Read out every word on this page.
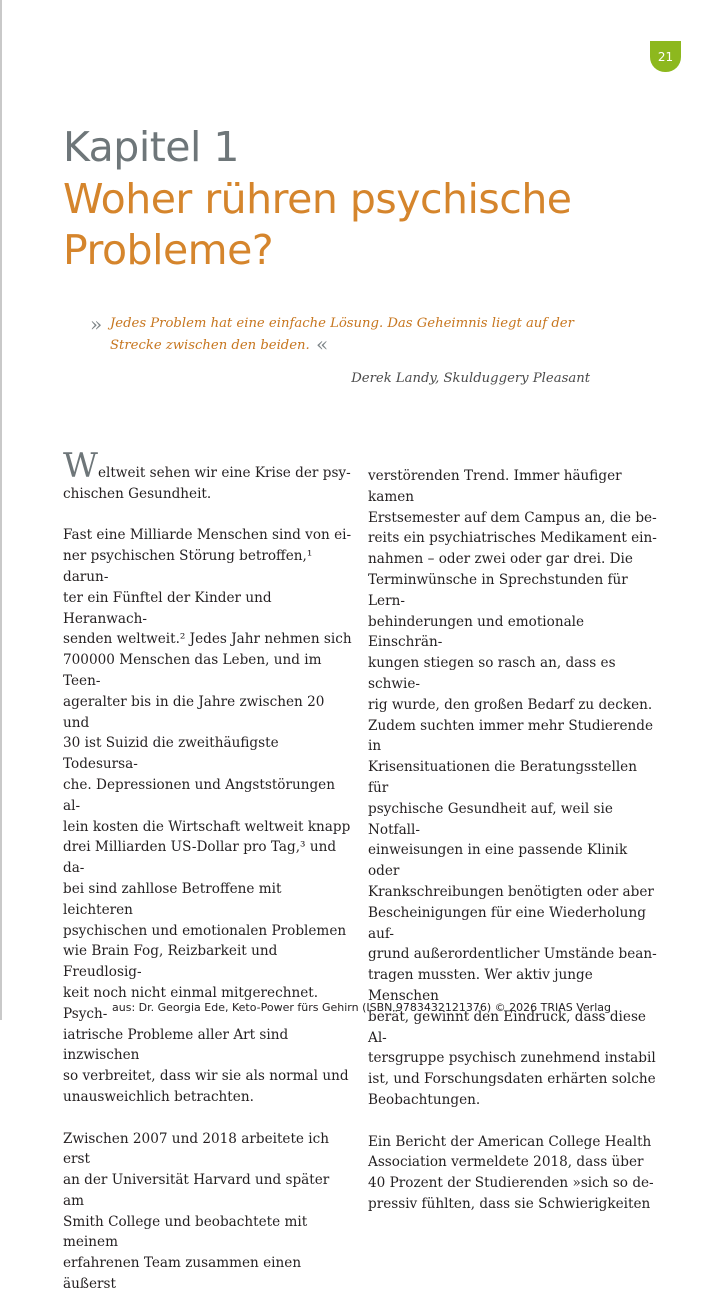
21
Kapitel 1
Woher rühren psychische
Probleme?
» Jedes Problem hat eine einfache Lösung. Das Geheimnis liegt auf der Strecke zwischen den beiden. «
Derek Landy, Skulduggery Pleasant

Weltweit sehen wir eine Krise der psy-
chischen Gesundheit.

Fast eine Milliarde Menschen sind von ei-
ner psychischen Störung betroffen,¹ darun-
ter ein Fünftel der Kinder und Heranwach-
senden weltweit.² Jedes Jahr nehmen sich
700000 Menschen das Leben, und im Teen-
ageralter bis in die Jahre zwischen 20 und
30 ist Suizid die zweithäufigste Todesursa-
che. Depressionen und Angststörungen al-
lein kosten die Wirtschaft weltweit knapp
drei Milliarden US-Dollar pro Tag,³ und da-
bei sind zahllose Betroffene mit leichteren
psychischen und emotionalen Problemen
wie Brain Fog, Reizbarkeit und Freudlosig-
keit noch nicht einmal mitgerechnet. Psych-
iatrische Probleme aller Art sind inzwischen
so verbreitet, dass wir sie als normal und
unausweichlich betrachten.

Zwischen 2007 und 2018 arbeitete ich erst
an der Universität Harvard und später am
Smith College und beobachtete mit meinem
erfahrenen Team zusammen einen äußerst

verstörenden Trend. Immer häufiger kamen
Erstsemester auf dem Campus an, die be-
reits ein psychiatrisches Medikament ein-
nahmen – oder zwei oder gar drei. Die
Terminwünsche in Sprechstunden für Lern-
behinderungen und emotionale Einschrän-
kungen stiegen so rasch an, dass es schwie-
rig wurde, den großen Bedarf zu decken.
Zudem suchten immer mehr Studierende in
Krisensituationen die Beratungsstellen für
psychische Gesundheit auf, weil sie Notfall-
einweisungen in eine passende Klinik oder
Krankschreibungen benötigten oder aber
Bescheinigungen für eine Wiederholung auf-
grund außerordentlicher Umstände bean-
tragen mussten. Wer aktiv junge Menschen
berät, gewinnt den Eindruck, dass diese Al-
tersgruppe psychisch zunehmend instabil
ist, und Forschungsdaten erhärten solche
Beobachtungen.

Ein Bericht der American College Health
Association vermeldete 2018, dass über
40 Prozent der Studierenden »sich so de-
pressiv fühlten, dass sie Schwierigkeiten

aus: Dr. Georgia Ede, Keto-Power fürs Gehirn (ISBN 9783432121376) © 2026 TRIAS Verlag
